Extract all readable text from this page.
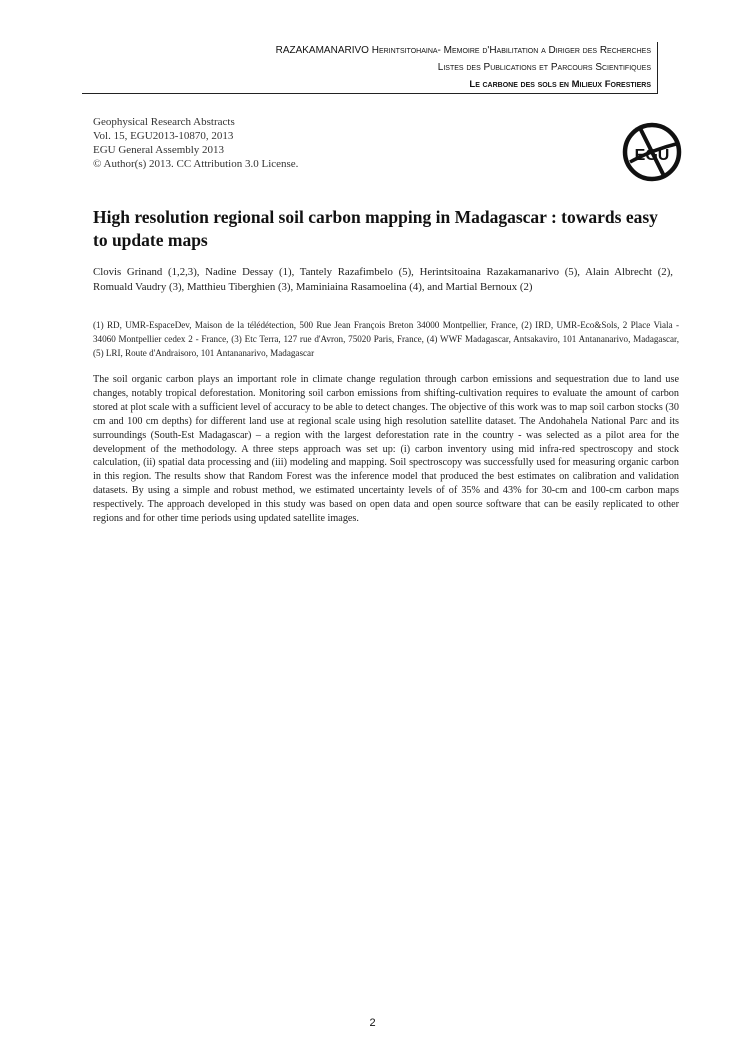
RAZAKAMANARIVO Herintsitohaina- Memoire d'Habilitation a Diriger des Recherches
Listes des Publications et Parcours Scientifiques
Le carbone des sols en Milieux Forestiers
Geophysical Research Abstracts
Vol. 15, EGU2013-10870, 2013
EGU General Assembly 2013
© Author(s) 2013. CC Attribution 3.0 License.	EGU
High resolution regional soil carbon mapping in Madagascar : towards easy to update maps
Clovis Grinand (1,2,3), Nadine Dessay (1), Tantely Razafimbelo (5), Herintsitoaina Razakamanarivo (5), Alain Albrecht (2), Romuald Vaudry (3), Matthieu Tiberghien (3), Maminiaina Rasamoelina (4), and Martial Bernoux (2)
(1) RD, UMR-EspaceDev, Maison de la télédétection, 500 Rue Jean François Breton 34000 Montpellier, France, (2) IRD, UMR-Eco&Sols, 2 Place Viala - 34060 Montpellier cedex 2 - France, (3) Etc Terra, 127 rue d'Avron, 75020 Paris, France, (4) WWF Madagascar, Antsakaviro, 101 Antananarivo, Madagascar, (5) LRI, Route d'Andraisoro, 101 Antananarivo, Madagascar
The soil organic carbon plays an important role in climate change regulation through carbon emissions and sequestration due to land use changes, notably tropical deforestation. Monitoring soil carbon emissions from shifting-cultivation requires to evaluate the amount of carbon stored at plot scale with a sufficient level of accuracy to be able to detect changes. The objective of this work was to map soil carbon stocks (30 cm and 100 cm depths) for different land use at regional scale using high resolution satellite dataset. The Andohahela National Parc and its surroundings (South-Est Madagascar) – a region with the largest deforestation rate in the country - was selected as a pilot area for the development of the methodology. A three steps approach was set up: (i) carbon inventory using mid infra-red spectroscopy and stock calculation, (ii) spatial data processing and (iii) modeling and mapping. Soil spectroscopy was successfully used for measuring organic carbon in this region. The results show that Random Forest was the inference model that produced the best estimates on calibration and validation datasets. By using a simple and robust method, we estimated uncertainty levels of of 35% and 43% for 30-cm and 100-cm carbon maps respectively. The approach developed in this study was based on open data and open source software that can be easily replicated to other regions and for other time periods using updated satellite images.
2
